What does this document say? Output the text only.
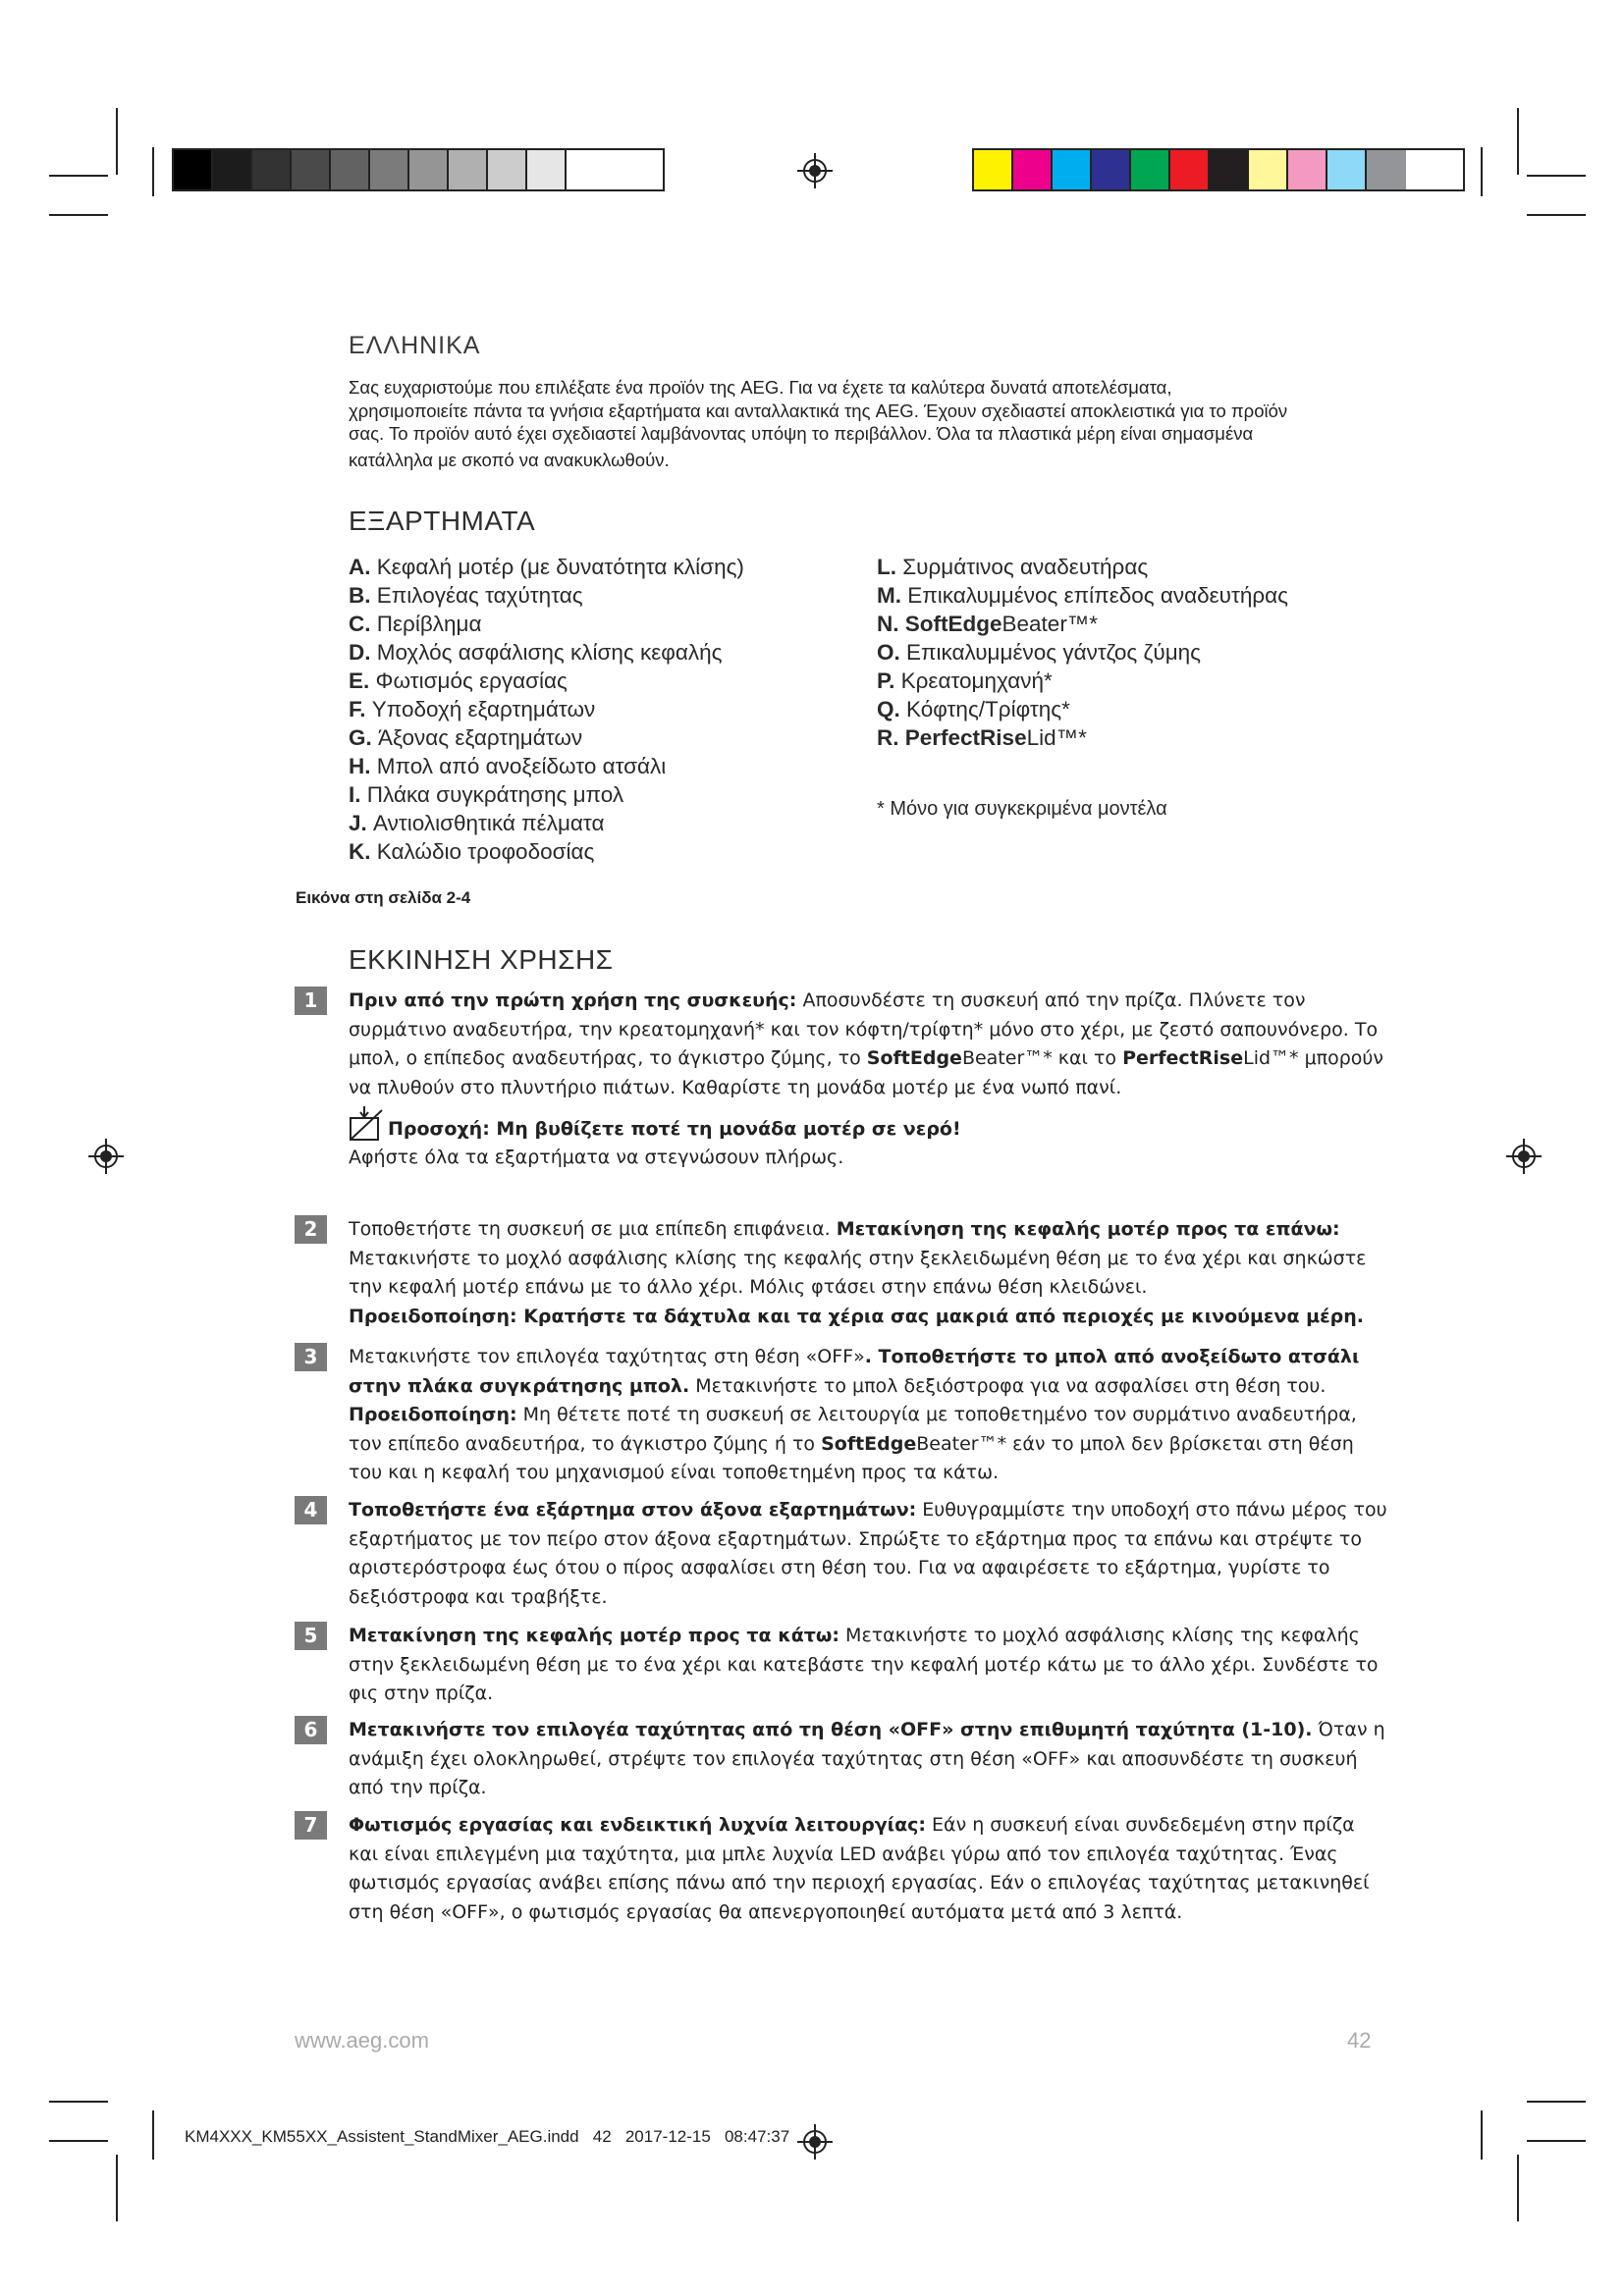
ΕΛΛΗΝΙΚΑ
Σας ευχαριστούμε που επιλέξατε ένα προϊόν της AEG. Για να έχετε τα καλύτερα δυνατά αποτελέσματα,
χρησιμοποιείτε πάντα τα γνήσια εξαρτήματα και ανταλλακτικά της AEG. Έχουν σχεδιαστεί αποκλειστικά για το προϊόν
σας. Το προϊόν αυτό έχει σχεδιαστεί λαμβάνοντας υπόψη το περιβάλλον. Όλα τα πλαστικά μέρη είναι σημασμένα
κατάλληλα με σκοπό να ανακυκλωθούν.
ΕΞΑΡΤΗΜΑΤΑ
A. Κεφαλή μοτέρ (με δυνατότητα κλίσης)
B. Επιλογέας ταχύτητας
C. Περίβλημα
D. Μοχλός ασφάλισης κλίσης κεφαλής
E. Φωτισμός εργασίας
F. Υποδοχή εξαρτημάτων
G. Άξονας εξαρτημάτων
H. Μπολ από ανοξείδωτο ατσάλι
I. Πλάκα συγκράτησης μπολ
J. Αντιολισθητικά πέλματα
K. Καλώδιο τροφοδοσίας
L. Συρμάτινος αναδευτήρας
M. Επικαλυμμένος επίπεδος αναδευτήρας
N. SoftEdgeBeater™*
O. Επικαλυμμένος γάντζος ζύμης
P. Κρεατομηχανή*
Q. Κόφτης/Τρίφτης*
R. PerfectRiseLid™*
* Μόνο για συγκεκριμένα μοντέλα
Εικόνα στη σελίδα 2-4
ΕΚΚΙΝΗΣΗ ΧΡΗΣΗΣ
1	Πριν από την πρώτη χρήση της συσκευής: Αποσυνδέστε τη συσκευή από την πρίζα. Πλύνετε τον συρμάτινο αναδευτήρα, την κρεατομηχανή* και τον κόφτη/τρίφτη* μόνο στο χέρι, με ζεστό σαπουνόνερο. Το μπολ, ο επίπεδος αναδευτήρας, το άγκιστρο ζύμης, το SoftEdgeBeater™* και το PerfectRiseLid™* μπορούν να πλυθούν στο πλυντήριο πιάτων. Καθαρίστε τη μονάδα μοτέρ με ένα νωπό πανί.
Προσοχή: Μη βυθίζετε ποτέ τη μονάδα μοτέρ σε νερό!
Αφήστε όλα τα εξαρτήματα να στεγνώσουν πλήρως.
2	Τοποθετήστε τη συσκευή σε μια επίπεδη επιφάνεια. Μετακίνηση της κεφαλής μοτέρ προς τα επάνω: Μετακινήστε το μοχλό ασφάλισης κλίσης της κεφαλής στην ξεκλειδωμένη θέση με το ένα χέρι και σηκώστε την κεφαλή μοτέρ επάνω με το άλλο χέρι. Μόλις φτάσει στην επάνω θέση κλειδώνει.
Προειδοποίηση: Κρατήστε τα δάχτυλα και τα χέρια σας μακριά από περιοχές με κινούμενα μέρη.
3	Μετακινήστε τον επιλογέα ταχύτητας στη θέση «OFF». Τοποθετήστε το μπολ από ανοξείδωτο ατσάλι στην πλάκα συγκράτησης μπολ. Μετακινήστε το μπολ δεξιόστροφα για να ασφαλίσει στη θέση του. Προειδοποίηση: Μη θέτετε ποτέ τη συσκευή σε λειτουργία με τοποθετημένο τον συρμάτινο αναδευτήρα, τον επίπεδο αναδευτήρα, το άγκιστρο ζύμης ή το SoftEdgeBeater™* εάν το μπολ δεν βρίσκεται στη θέση του και η κεφαλή του μηχανισμού είναι τοποθετημένη προς τα κάτω.
4	Τοποθετήστε ένα εξάρτημα στον άξονα εξαρτημάτων: Ευθυγραμμίστε την υποδοχή στο πάνω μέρος του εξαρτήματος με τον πείρο στον άξονα εξαρτημάτων. Σπρώξτε το εξάρτημα προς τα επάνω και στρέψτε το αριστερόστροφα έως ότου ο πίρος ασφαλίσει στη θέση του. Για να αφαιρέσετε το εξάρτημα, γυρίστε το δεξιόστροφα και τραβήξτε.
5	Μετακίνηση της κεφαλής μοτέρ προς τα κάτω: Μετακινήστε το μοχλό ασφάλισης κλίσης της κεφαλής στην ξεκλειδωμένη θέση με το ένα χέρι και κατεβάστε την κεφαλή μοτέρ κάτω με το άλλο χέρι. Συνδέστε το φις στην πρίζα.
6	Μετακινήστε τον επιλογέα ταχύτητας από τη θέση «OFF» στην επιθυμητή ταχύτητα (1-10). Όταν η ανάμιξη έχει ολοκληρωθεί, στρέψτε τον επιλογέα ταχύτητας στη θέση «OFF» και αποσυνδέστε τη συσκευή από την πρίζα.
7	Φωτισμός εργασίας και ενδεικτική λυχνία λειτουργίας: Εάν η συσκευή είναι συνδεδεμένη στην πρίζα και είναι επιλεγμένη μια ταχύτητα, μια μπλε λυχνία LED ανάβει γύρω από τον επιλογέα ταχύτητας. Ένας φωτισμός εργασίας ανάβει επίσης πάνω από την περιοχή εργασίας. Εάν ο επιλογέας ταχύτητας μετακινηθεί στη θέση «OFF», ο φωτισμός εργασίας θα απενεργοποιηθεί αυτόματα μετά από 3 λεπτά.
www.aeg.com	42
KM4XXX_KM55XX_Assistent_StandMixer_AEG.indd   42   2017-12-15   08:47:37
